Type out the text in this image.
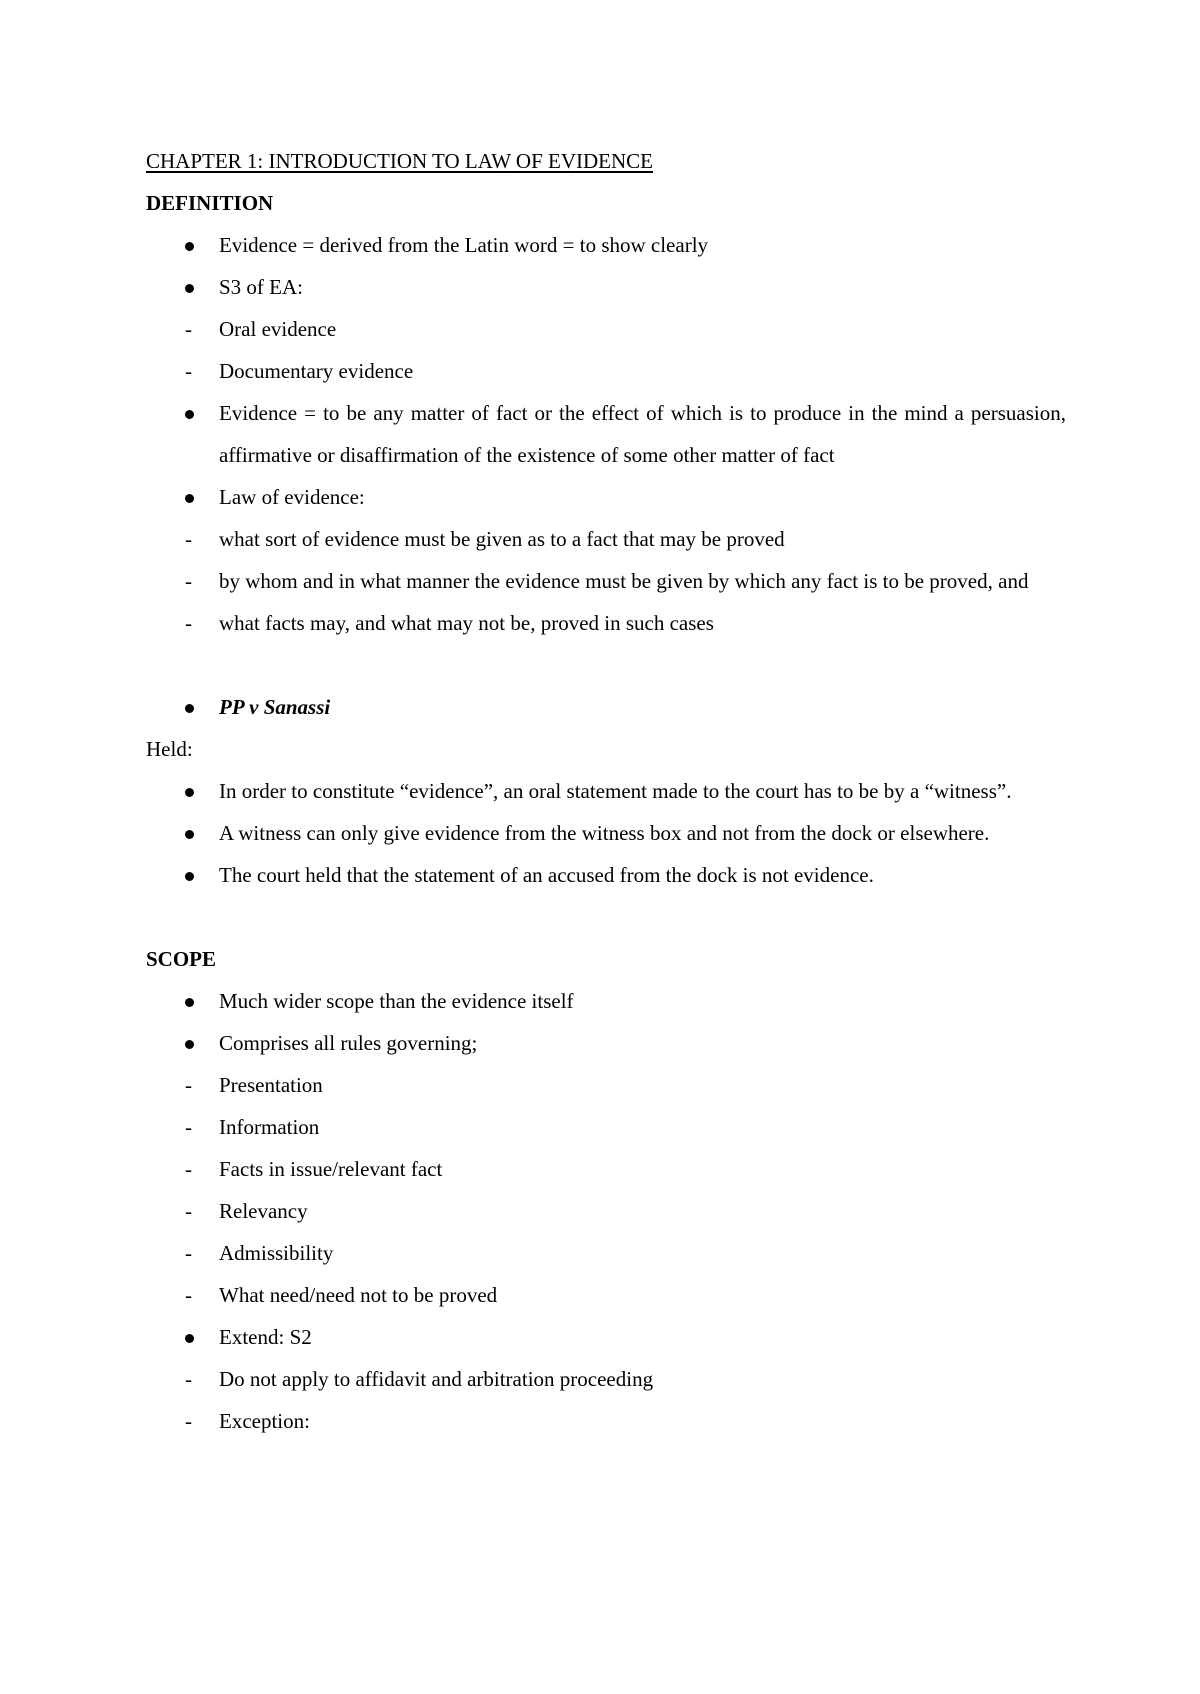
CHAPTER 1: INTRODUCTION TO LAW OF EVIDENCE
DEFINITION
Evidence = derived from the Latin word = to show clearly
S3 of EA:
- Oral evidence
- Documentary evidence
Evidence = to be any matter of fact or the effect of which is to produce in the mind a persuasion, affirmative or disaffirmation of the existence of some other matter of fact
Law of evidence:
- what sort of evidence must be given as to a fact that may be proved
- by whom and in what manner the evidence must be given by which any fact is to be proved, and
- what facts may, and what may not be, proved in such cases
PP v Sanassi
Held:
In order to constitute “evidence”, an oral statement made to the court has to be by a “witness”.
A witness can only give evidence from the witness box and not from the dock or elsewhere.
The court held that the statement of an accused from the dock is not evidence.
SCOPE
Much wider scope than the evidence itself
Comprises all rules governing;
- Presentation
- Information
- Facts in issue/relevant fact
- Relevancy
- Admissibility
- What need/need not to be proved
Extend: S2
- Do not apply to affidavit and arbitration proceeding
- Exception:
